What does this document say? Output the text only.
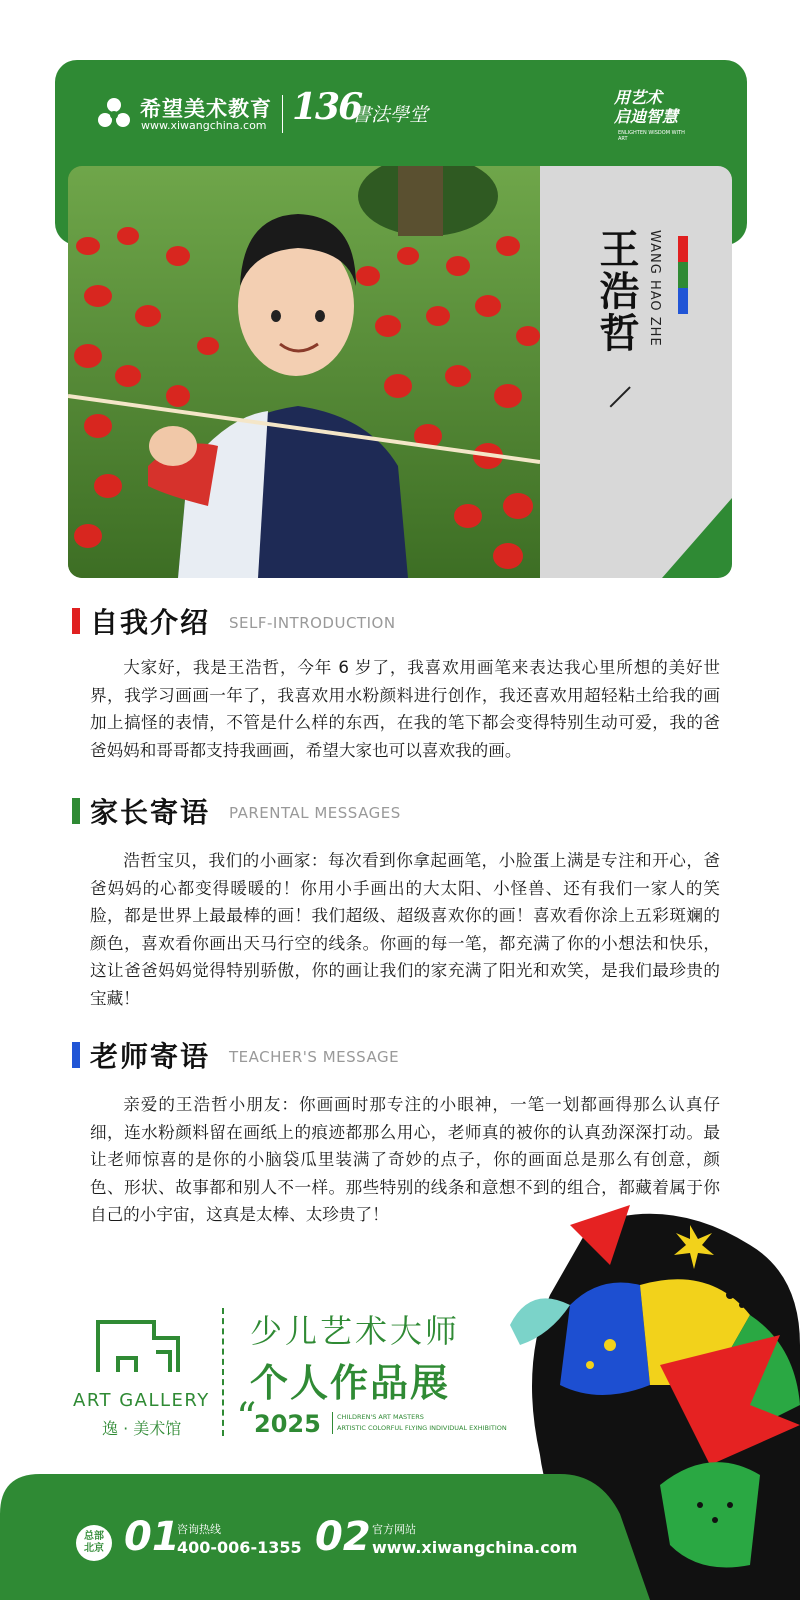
希望美术教育
www.xiwangchina.com 136
書法學堂
用艺术
启迪智慧
ENLIGHTEN WISDOM WITH ART
王浩哲 WANG HAO ZHE
自我介绍 SELF-INTRODUCTION
大家好，我是王浩哲，今年 6 岁了，我喜欢用画笔来表达我心里所想的美好世界，我学习画画一年了，我喜欢用水粉颜料进行创作，我还喜欢用超轻粘土给我的画加上搞怪的表情，不管是什么样的东西，在我的笔下都会变得特别生动可爱，我的爸爸妈妈和哥哥都支持我画画，希望大家也可以喜欢我的画。
家长寄语 PARENTAL MESSAGES
浩哲宝贝，我们的小画家：每次看到你拿起画笔，小脸蛋上满是专注和开心，爸爸妈妈的心都变得暖暖的！你用小手画出的大太阳、小怪兽、还有我们一家人的笑脸，都是世界上最最棒的画！我们超级、超级喜欢你的画！喜欢看你涂上五彩斑斓的颜色，喜欢看你画出天马行空的线条。你画的每一笔，都充满了你的小想法和快乐，这让爸爸妈妈觉得特别骄傲，你的画让我们的家充满了阳光和欢笑，是我们最珍贵的宝藏！
老师寄语 TEACHER'S MESSAGE
亲爱的王浩哲小朋友：你画画时那专注的小眼神，一笔一划都画得那么认真仔细，连水粉颜料留在画纸上的痕迹都那么用心，老师真的被你的认真劲深深打动。最让老师惊喜的是你的小脑袋瓜里装满了奇妙的点子，你的画面总是那么有创意，颜色、形状、故事都和别人不一样。那些特别的线条和意想不到的组合，都藏着属于你自己的小宇宙，这真是太棒、太珍贵了！
ART GALLERY
逸 · 美术馆
少儿艺术大师
个人作品展
“
2025 CHILDREN'S ART MASTERS
ARTISTIC COLORFUL FLYING INDIVIDUAL EXHIBITION
总部
北京 01
咨询热线
400-006-1355 02 官方网站
www.xiwangchina.com
